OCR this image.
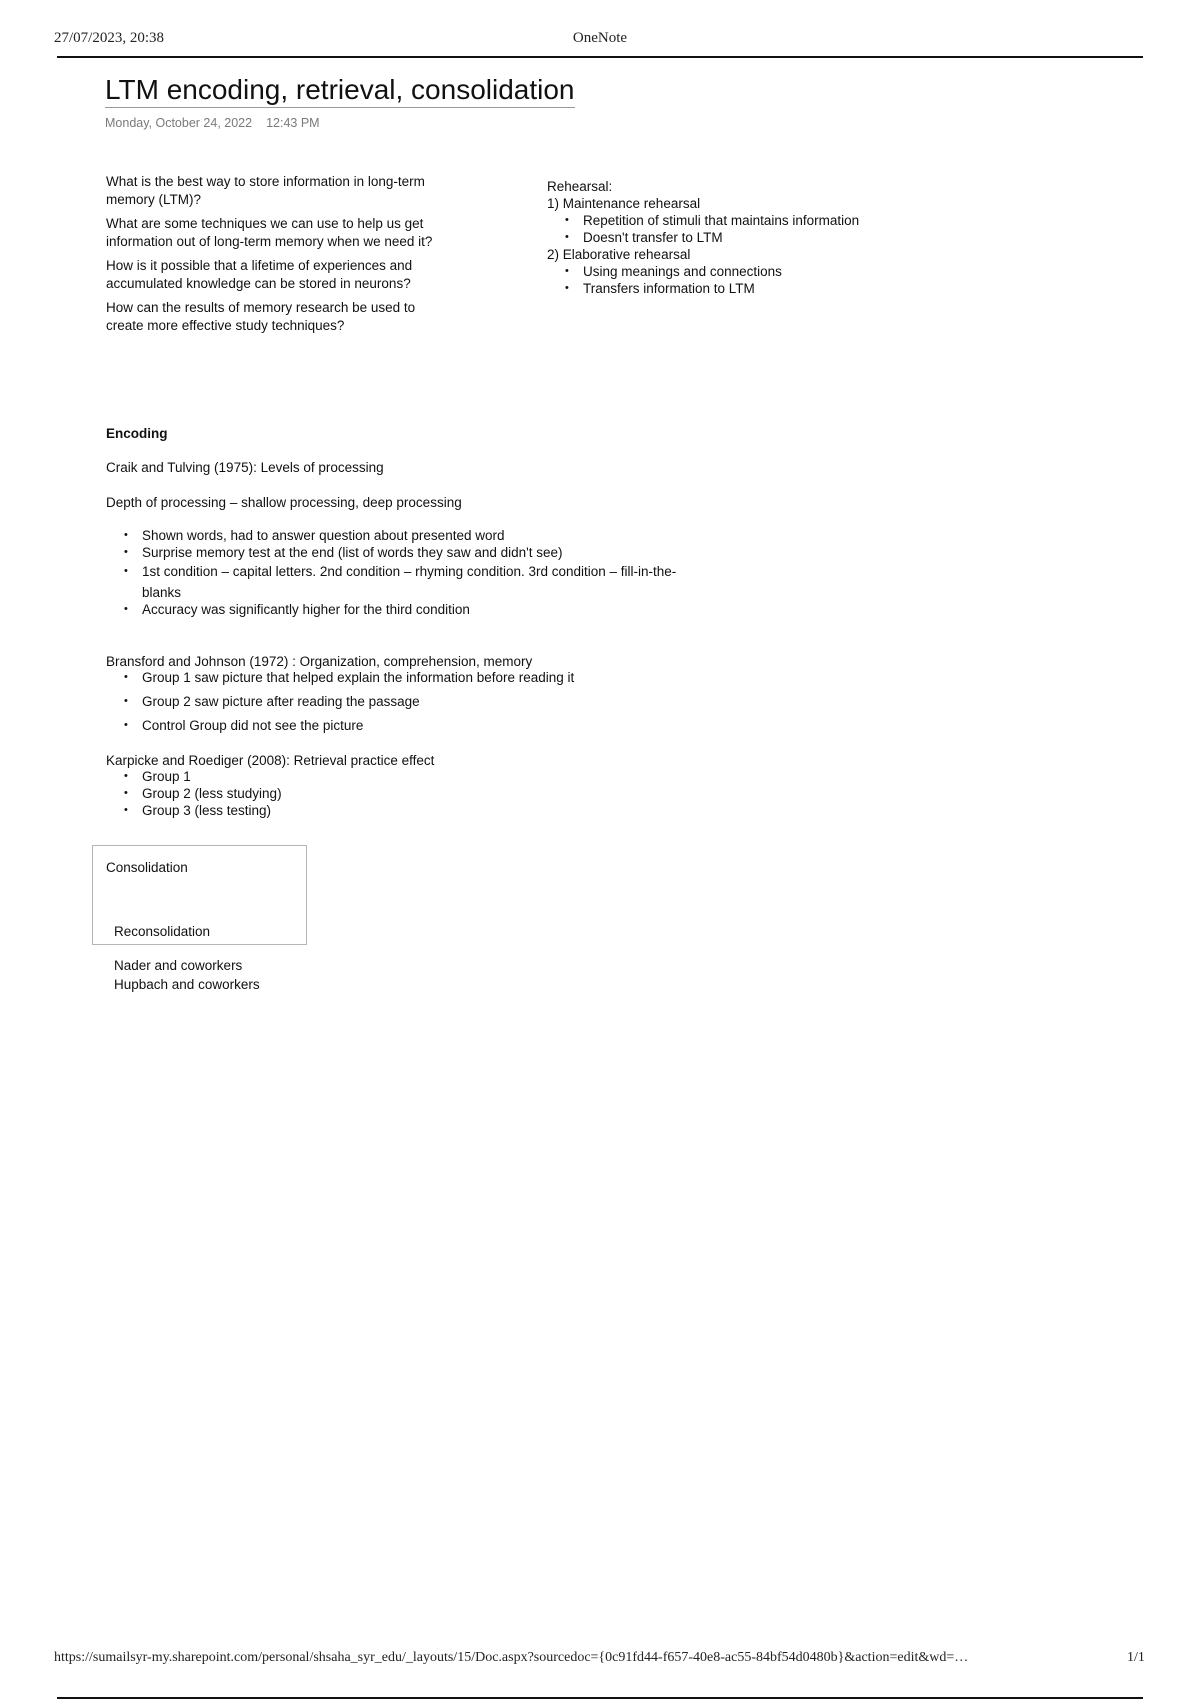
27/07/2023, 20:38	OneNote
LTM encoding, retrieval, consolidation
Monday, October 24, 2022 12:43 PM

What is the best way to store information in long-term memory (LTM)?

What are some techniques we can use to help us get information out of long-term memory when we need it?

How is it possible that a lifetime of experiences and accumulated knowledge can be stored in neurons?

How can the results of memory research be used to create more effective study techniques?

Rehearsal:
1) Maintenance rehearsal
• Repetition of stimuli that maintains information
• Doesn't transfer to LTM
2) Elaborative rehearsal
• Using meanings and connections
• Transfers information to LTM
Encoding
Craik and Tulving (1975): Levels of processing
Depth of processing – shallow processing, deep processing
• Shown words, had to answer question about presented word
• Surprise memory test at the end (list of words they saw and didn't see)
• 1st condition – capital letters. 2nd condition – rhyming condition. 3rd condition – fill-in-the-
blanks
• Accuracy was significantly higher for the third condition
Bransford and Johnson (1972) : Organization, comprehension, memory
• Group 1 saw picture that helped explain the information before reading it
• Group 2 saw picture after reading the passage
• Control Group did not see the picture
Karpicke and Roediger (2008): Retrieval practice effect
• Group 1
• Group 2 (less studying)
• Group 3 (less testing)
Consolidation
Reconsolidation
Nader and coworkers
Hupbach and coworkers
https://sumailsyr-my.sharepoint.com/personal/shsaha_syr_edu/_layouts/15/Doc.aspx?sourcedoc={0c91fd44-f657-40e8-ac55-84bf54d0480b}&action=edit&wd=…	1/1
